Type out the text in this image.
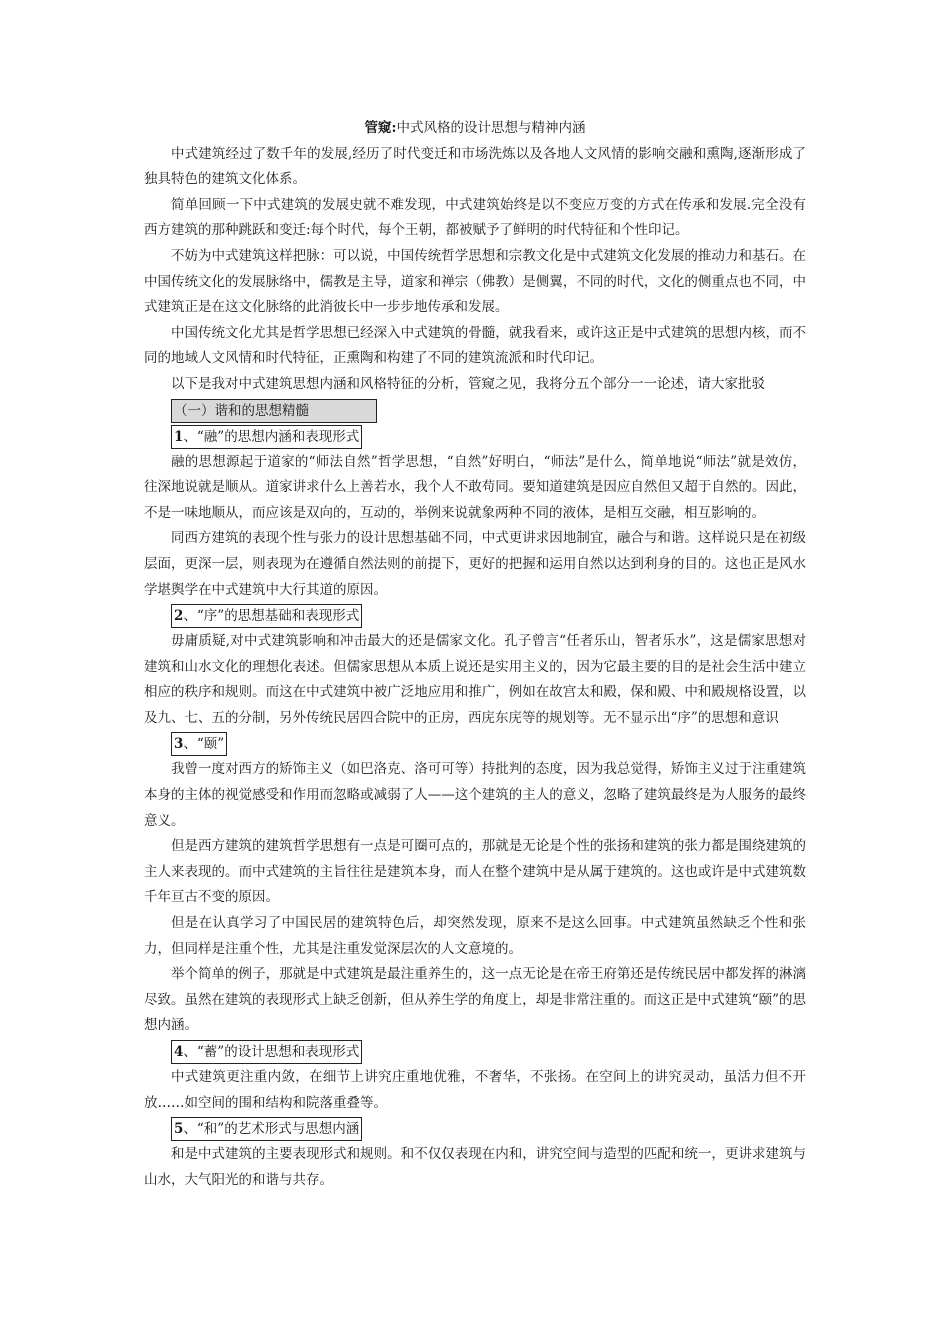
管窥:中式风格的设计思想与精神内涵

中式建筑经过了数千年的发展,经历了时代变迁和市场洗炼以及各地人文风情的影响交融和熏陶,逐渐形成了独具特色的建筑文化体系。

简单回顾一下中式建筑的发展史就不难发现，中式建筑始终是以不变应万变的方式在传承和发展.完全没有西方建筑的那种跳跃和变迁:每个时代，每个王朝，都被赋予了鲜明的时代特征和个性印记。

不妨为中式建筑这样把脉：可以说，中国传统哲学思想和宗教文化是中式建筑文化发展的推动力和基石。在中国传统文化的发展脉络中，儒教是主导，道家和禅宗（佛教）是侧翼，不同的时代，文化的侧重点也不同，中式建筑正是在这文化脉络的此消彼长中一步步地传承和发展。

中国传统文化尤其是哲学思想已经深入中式建筑的骨髓，就我看来，或许这正是中式建筑的思想内核，而不同的地域人文风情和时代特征，正熏陶和构建了不同的建筑流派和时代印记。

以下是我对中式建筑思想内涵和风格特征的分析，管窥之见，我将分五个部分一一论述，请大家批驳

（一）谐和的思想精髓
1、“融”的思想内涵和表现形式

融的思想源起于道家的“师法自然”哲学思想，“自然”好明白，“师法”是什么，简单地说“师法”就是效仿，往深地说就是顺从。道家讲求什么上善若水，我个人不敢苟同。要知道建筑是因应自然但又超于自然的。因此，不是一味地顺从，而应该是双向的，互动的，举例来说就象两种不同的液体，是相互交融，相互影响的。

同西方建筑的表现个性与张力的设计思想基础不同，中式更讲求因地制宜，融合与和谐。这样说只是在初级层面，更深一层，则表现为在遵循自然法则的前提下，更好的把握和运用自然以达到利身的目的。这也正是风水学堪舆学在中式建筑中大行其道的原因。

2、“序”的思想基础和表现形式

毋庸质疑,对中式建筑影响和冲击最大的还是儒家文化。孔子曾言“任者乐山，智者乐水”，这是儒家思想对建筑和山水文化的理想化表述。但儒家思想从本质上说还是实用主义的，因为它最主要的目的是社会生活中建立相应的秩序和规则。而这在中式建筑中被广泛地应用和推广，例如在故宫太和殿，保和殿、中和殿规格设置，以及九、七、五的分制，另外传统民居四合院中的正房，西庑东庑等的规划等。无不显示出“序”的思想和意识

3、“颐”

我曾一度对西方的矫饰主义（如巴洛克、洛可可等）持批判的态度，因为我总觉得，矫饰主义过于注重建筑本身的主体的视觉感受和作用而忽略或减弱了人——这个建筑的主人的意义，忽略了建筑最终是为人服务的最终意义。

但是西方建筑的建筑哲学思想有一点是可圈可点的，那就是无论是个性的张扬和建筑的张力都是围绕建筑的主人来表现的。而中式建筑的主旨往往是建筑本身，而人在整个建筑中是从属于建筑的。这也或许是中式建筑数千年亘古不变的原因。

但是在认真学习了中国民居的建筑特色后，却突然发现，原来不是这么回事。中式建筑虽然缺乏个性和张力，但同样是注重个性，尤其是注重发觉深层次的人文意境的。

举个简单的例子，那就是中式建筑是最注重养生的，这一点无论是在帝王府第还是传统民居中都发挥的淋漓尽致。虽然在建筑的表现形式上缺乏创新，但从养生学的角度上，却是非常注重的。而这正是中式建筑“颐”的思想内涵。

4、“蓄”的设计思想和表现形式

中式建筑更注重内敛，在细节上讲究庄重地优雅，不奢华，不张扬。在空间上的讲究灵动，虽活力但不开放……如空间的围和结构和院落重叠等。

5、“和”的艺术形式与思想内涵

和是中式建筑的主要表现形式和规则。和不仅仅表现在内和，讲究空间与造型的匹配和统一，更讲求建筑与山水，大气阳光的和谐与共存。
